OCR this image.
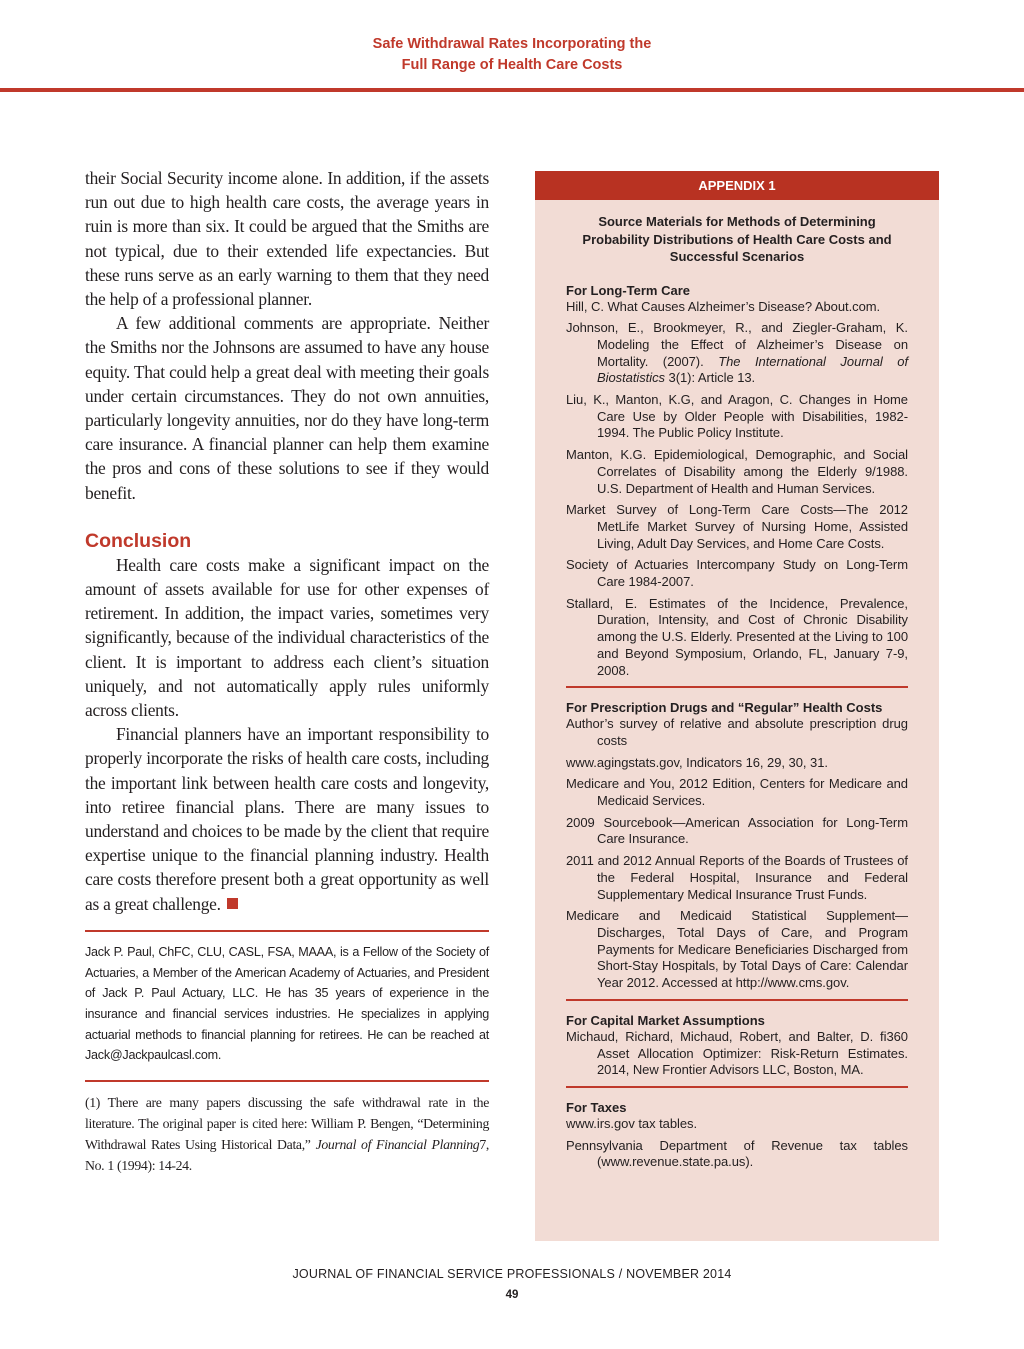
Safe Withdrawal Rates Incorporating the
Full Range of Health Care Costs

their Social Security income alone. In addition, if the assets run out due to high health care costs, the average years in ruin is more than six. It could be argued that the Smiths are not typical, due to their extended life expectancies. But these runs serve as an early warning to them that they need the help of a professional planner.

A few additional comments are appropriate. Neither the Smiths nor the Johnsons are assumed to have any house equity. That could help a great deal with meeting their goals under certain circumstances. They do not own annuities, particularly longevity annuities, nor do they have long-term care insurance. A financial planner can help them examine the pros and cons of these solutions to see if they would benefit.

Conclusion

Health care costs make a significant impact on the amount of assets available for use for other expenses of retirement. In addition, the impact varies, sometimes very significantly, because of the individual characteristics of the client. It is important to address each client’s situation uniquely, and not automatically apply rules uniformly across clients.

Financial planners have an important responsibility to properly incorporate the risks of health care costs, including the important link between health care costs and longevity, into retiree financial plans. There are many issues to understand and choices to be made by the client that require expertise unique to the financial planning industry. Health care costs therefore present both a great opportunity as well as a great challenge.

Jack P. Paul, ChFC, CLU, CASL, FSA, MAAA, is a Fellow of the Society of Actuaries, a Member of the American Academy of Actuaries, and President of Jack P. Paul Actuary, LLC. He has 35 years of experience in the insurance and financial services industries. He specializes in applying actuarial methods to financial planning for retirees. He can be reached at Jack@Jackpaulcasl.com.

(1) There are many papers discussing the safe withdrawal rate in the literature. The original paper is cited here: William P. Bengen, “Determining Withdrawal Rates Using Historical Data,” Journal of Financial Planning7, No. 1 (1994): 14-24.

APPENDIX 1

Source Materials for Methods of Determining Probability Distributions of Health Care Costs and Successful Scenarios

For Long-Term Care

Hill, C. What Causes Alzheimer’s Disease? About.com.

Johnson, E., Brookmeyer, R., and Ziegler-Graham, K. Modeling the Effect of Alzheimer’s Disease on Mortality. (2007). The International Journal of Biostatistics 3(1): Article 13.

Liu, K., Manton, K.G, and Aragon, C. Changes in Home Care Use by Older People with Disabilities, 1982-1994. The Public Policy Institute.

Manton, K.G. Epidemiological, Demographic, and Social Correlates of Disability among the Elderly 9/1988. U.S. Department of Health and Human Services.

Market Survey of Long-Term Care Costs—The 2012 MetLife Market Survey of Nursing Home, Assisted Living, Adult Day Services, and Home Care Costs.

Society of Actuaries Intercompany Study on Long-Term Care 1984-2007.

Stallard, E. Estimates of the Incidence, Prevalence, Duration, Intensity, and Cost of Chronic Disability among the U.S. Elderly. Presented at the Living to 100 and Beyond Symposium, Orlando, FL, January 7-9, 2008.

For Prescription Drugs and “Regular” Health Costs

Author’s survey of relative and absolute prescription drug costs

www.agingstats.gov, Indicators 16, 29, 30, 31.

Medicare and You, 2012 Edition, Centers for Medicare and Medicaid Services.

2009 Sourcebook—American Association for Long-Term Care Insurance.

2011 and 2012 Annual Reports of the Boards of Trustees of the Federal Hospital, Insurance and Federal Supplementary Medical Insurance Trust Funds.

Medicare and Medicaid Statistical Supplement—Discharges, Total Days of Care, and Program Payments for Medicare Beneficiaries Discharged from Short-Stay Hospitals, by Total Days of Care: Calendar Year 2012. Accessed at http://www.cms.gov.

For Capital Market Assumptions

Michaud, Richard, Michaud, Robert, and Balter, D. fi360 Asset Allocation Optimizer: Risk-Return Estimates. 2014, New Frontier Advisors LLC, Boston, MA.

For Taxes

www.irs.gov tax tables.

Pennsylvania Department of Revenue tax tables (www.revenue.state.pa.us).

JOURNAL OF FINANCIAL SERVICE PROFESSIONALS / NOVEMBER 2014
49
